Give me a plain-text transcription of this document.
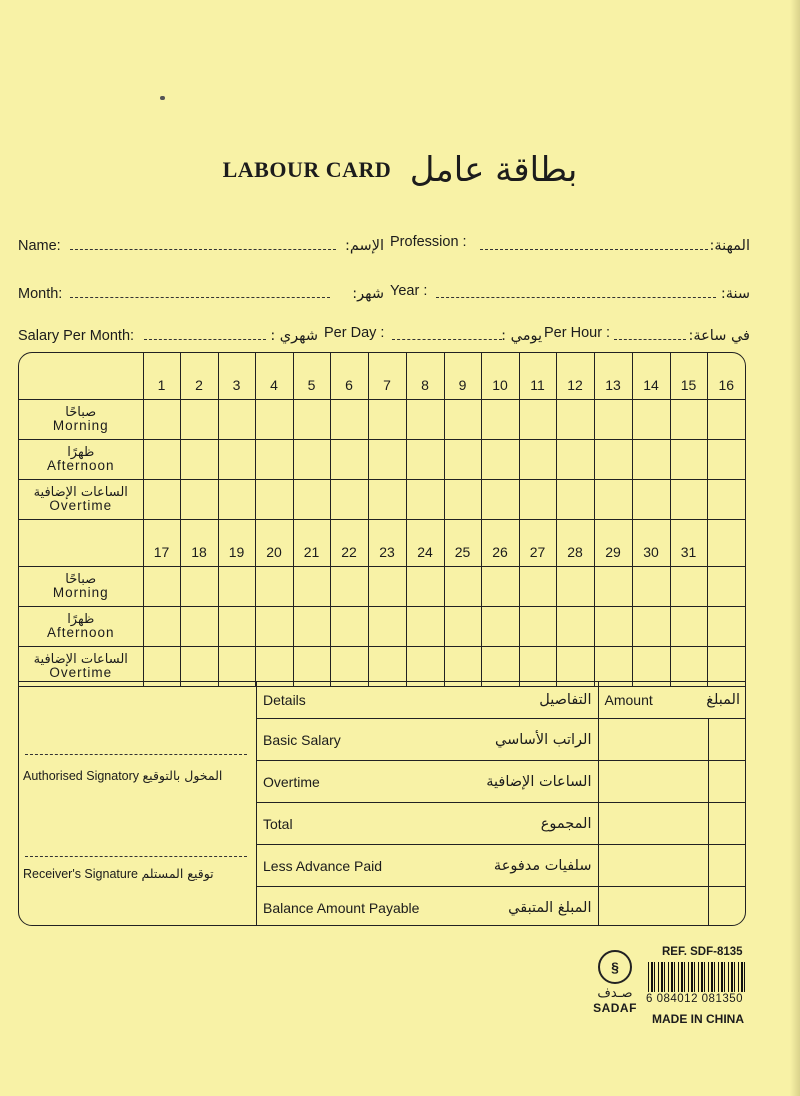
LABOUR CARD بطاقة عامل
Name:	الإسم: Profession :	المهنة:
Month:	شهر: Year :	سنة:
Salary Per Month:	شهري : Per Day :	يومي : Per Hour :	في ساعة:
	1	2	3	4	5	6	7	8	9	10	11	12	13	14	15	16

صباحًا
Morning																

ظهرًا
Afternoon																

الساعات الإضافية
Overtime																

	17	18	19	20	21	22	23	24	25	26	27	28	29	30	31	

صباحًا
Morning																

ظهرًا
Afternoon																

الساعات الإضافية
Overtime																

Authorised Signatory المخول بالتوقيع
Receiver's Signature توقيع المستلم
Details التفاصيل	Amount المبلغ	

Basic Salary الراتب الأساسي		

Overtime الساعات الإضافية		

Total المجموع		

Less Advance Paid سلفيات مدفوعة		

Balance Amount Payable المبلغ المتبقي		

§
صـدف
SADAF
REF. SDF-8135
6 084012 081350
MADE IN CHINA
